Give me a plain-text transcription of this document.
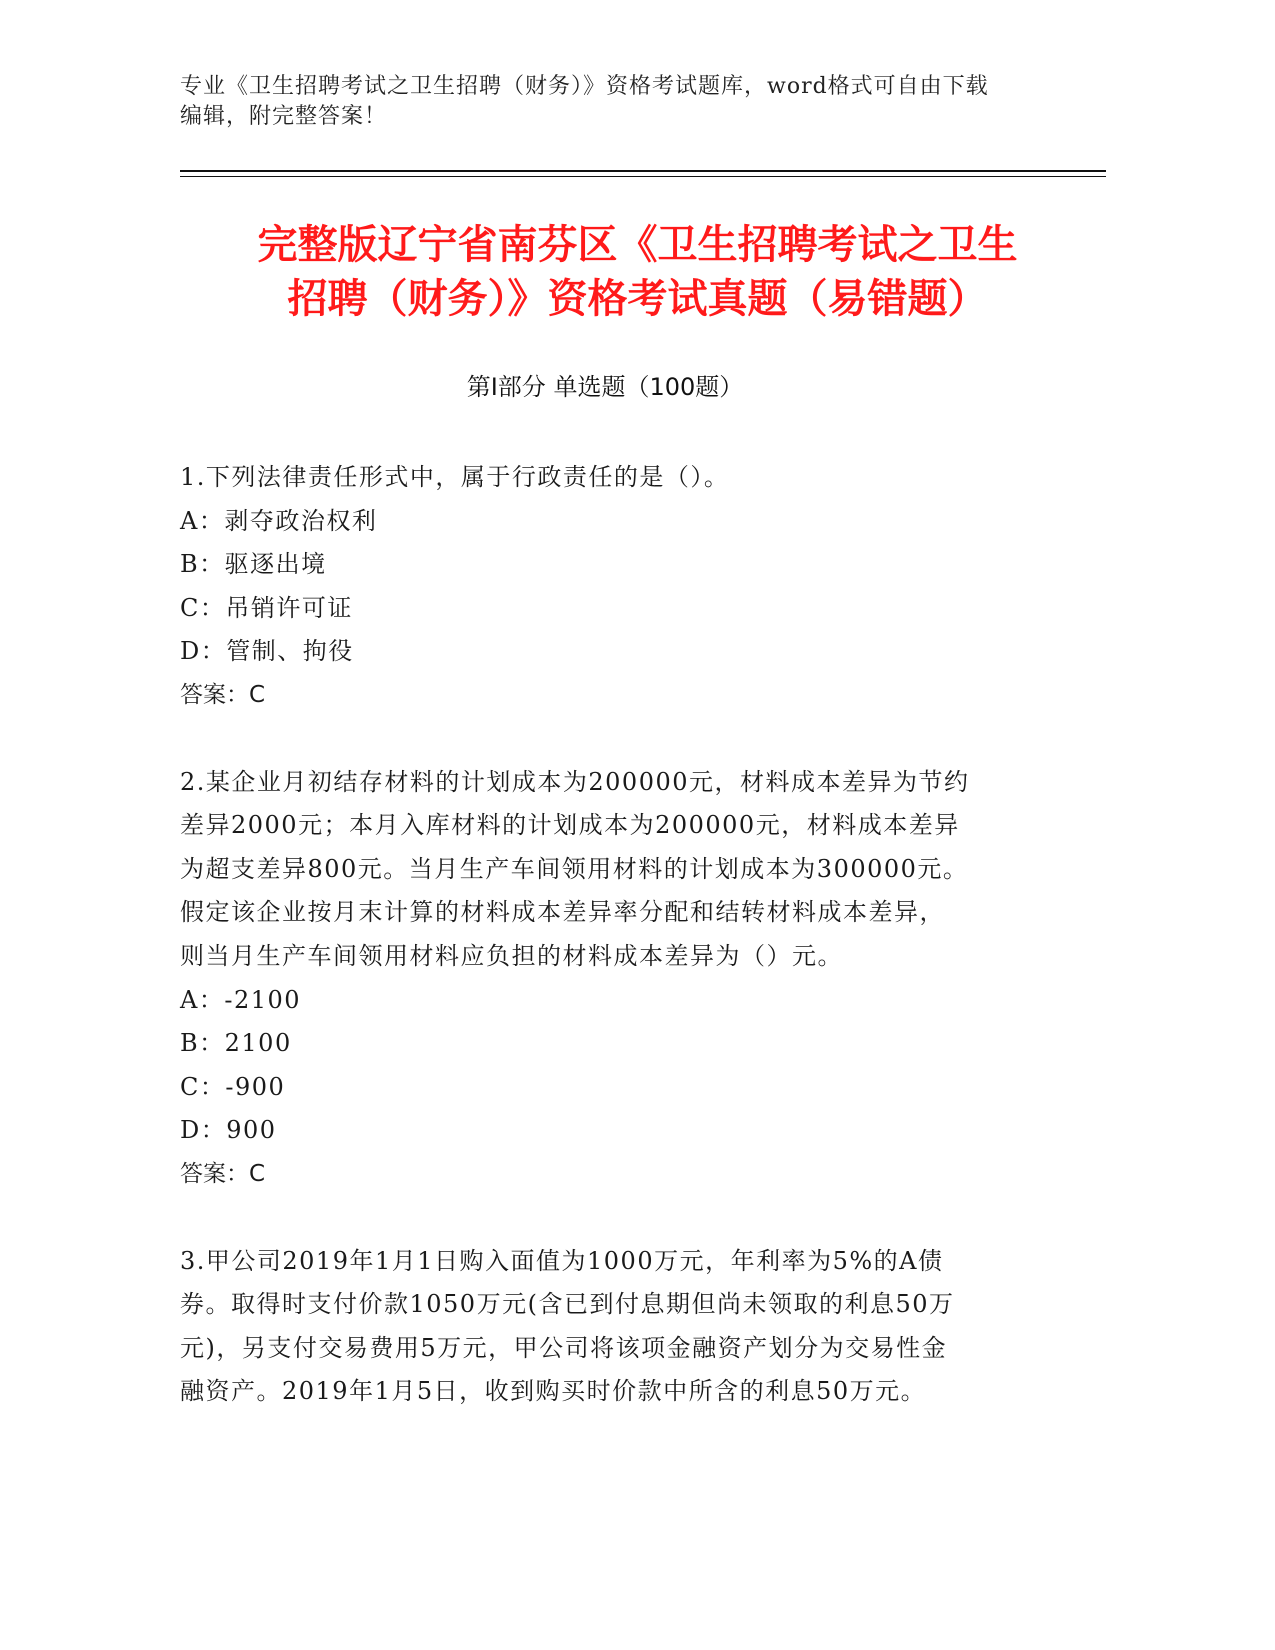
专业《卫生招聘考试之卫生招聘（财务）》资格考试题库，word格式可自由下载
编辑，附完整答案！
完整版辽宁省南芬区《卫生招聘考试之卫生
招聘（财务）》资格考试真题（易错题）
第Ⅰ部分 单选题（100题）
1.下列法律责任形式中，属于行政责任的是（）。
A：剥夺政治权利
B：驱逐出境
C：吊销许可证
D：管制、拘役
答案：C
2.某企业月初结存材料的计划成本为200000元，材料成本差异为节约
差异2000元；本月入库材料的计划成本为200000元，材料成本差异
为超支差异800元。当月生产车间领用材料的计划成本为300000元。
假定该企业按月末计算的材料成本差异率分配和结转材料成本差异，
则当月生产车间领用材料应负担的材料成本差异为（）元。
A：-2100
B：2100
C：-900
D：900
答案：C
3.甲公司2019年1月1日购入面值为1000万元，年利率为5%的A债
券。取得时支付价款1050万元(含已到付息期但尚未领取的利息50万
元)，另支付交易费用5万元，甲公司将该项金融资产划分为交易性金
融资产。2019年1月5日，收到购买时价款中所含的利息50万元。
